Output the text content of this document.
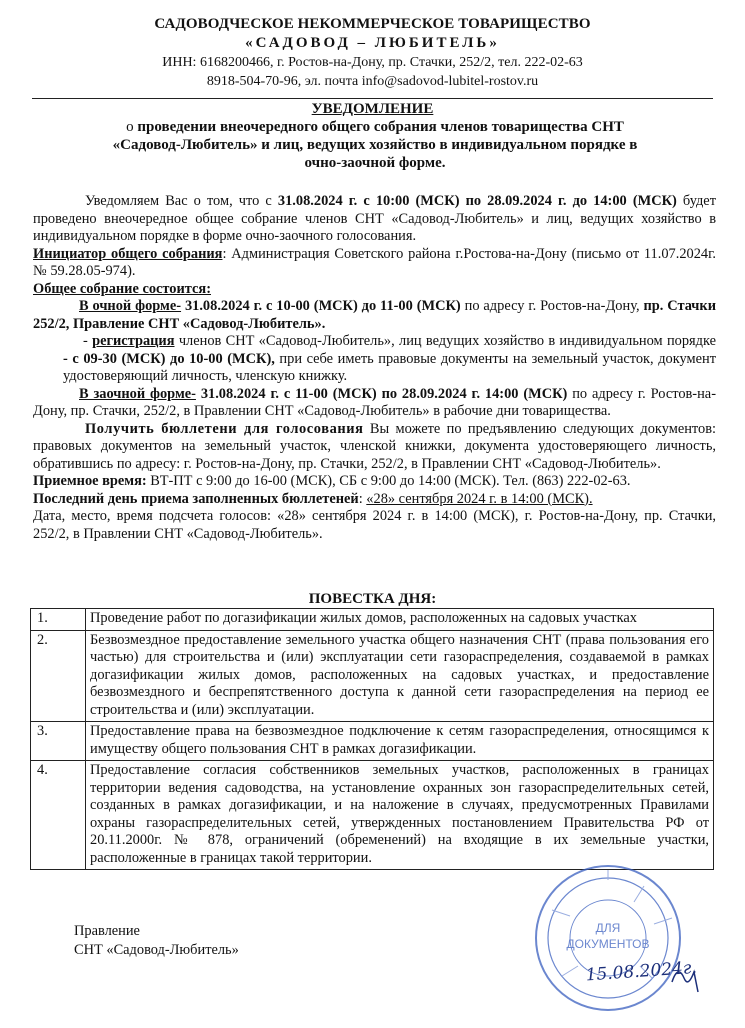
САДОВОДЧЕСКОЕ НЕКОММЕРЧЕСКОЕ ТОВАРИЩЕСТВО
«САДОВОД – ЛЮБИТЕЛЬ»
ИНН: 6168200466, г. Ростов-на-Дону, пр. Стачки, 252/2, тел. 222-02-63
8918-504-70-96, эл. почта info@sadovod-lubitel-rostov.ru
УВЕДОМЛЕНИЕ
о проведении внеочередного общего собрания членов товарищества СНТ «Садовод-Любитель» и лиц, ведущих хозяйство в индивидуальном порядке в очно-заочной форме.
Уведомляем Вас о том, что с 31.08.2024 г. с 10:00 (МСК) по 28.09.2024 г. до 14:00 (МСК) будет проведено внеочередное общее собрание членов СНТ «Садовод-Любитель» и лиц, ведущих хозяйство в индивидуальном порядке в форме очно-заочного голосования.
Инициатор общего собрания: Администрация Советского района г.Ростова-на-Дону (письмо от 11.07.2024г. № 59.28.05-974).
Общее собрание состоится:
В очной форме- 31.08.2024 г. с 10-00 (МСК) до 11-00 (МСК) по адресу г. Ростов-на-Дону, пр. Стачки 252/2, Правление СНТ «Садовод-Любитель».
- регистрация членов СНТ «Садовод-Любитель», лиц ведущих хозяйство в индивидуальном порядке - с 09-30 (МСК) до 10-00 (МСК), при себе иметь правовые документы на земельный участок, документ удостоверяющий личность, членскую книжку.
В заочной форме- 31.08.2024 г. с 11-00 (МСК) по 28.09.2024 г. 14:00 (МСК) по адресу г. Ростов-на-Дону, пр. Стачки, 252/2, в Правлении СНТ «Садовод-Любитель» в рабочие дни товарищества.
Получить бюллетени для голосования Вы можете по предъявлению следующих документов: правовых документов на земельный участок, членской книжки, документа удостоверяющего личность, обратившись по адресу: г. Ростов-на-Дону, пр. Стачки, 252/2, в Правлении СНТ «Садовод-Любитель».
Приемное время: ВТ-ПТ с 9:00 до 16-00 (МСК), СБ с 9:00 до 14:00 (МСК). Тел. (863) 222-02-63.
Последний день приема заполненных бюллетеней: «28» сентября 2024 г. в 14:00 (МСК).
Дата, место, время подсчета голосов: «28» сентября 2024 г. в 14:00 (МСК), г. Ростов-на-Дону, пр. Стачки, 252/2, в Правлении СНТ «Садовод-Любитель».
ПОВЕСТКА ДНЯ:
1.	Проведение работ по догазификации жилых домов, расположенных на садовых участках
2.	Безвозмездное предоставление земельного участка общего назначения СНТ (права пользования его частью) для строительства и (или) эксплуатации сети газораспределения, создаваемой в рамках догазификации жилых домов, расположенных на садовых участках, и предоставление безвозмездного и беспрепятственного доступа к данной сети газораспределения на период ее строительства и (или) эксплуатации.
3.	Предоставление права на безвозмездное подключение к сетям газораспределения, относящимся к имуществу общего пользования СНТ в рамках догазификации.
4.	Предоставление согласия собственников земельных участков, расположенных в границах территории ведения садоводства, на установление охранных зон газораспределительных сетей, созданных в рамках догазификации, и на наложение в случаях, предусмотренных Правилами охраны газораспределительных сетей, утвержденных постановлением Правительства РФ от 20.11.2000г. № 878, ограничений (обременений) на входящие в их земельные участки, расположенные в границах такой территории.
Правление
СНТ «Садовод-Любитель»
ДЛЯ
ДОКУМЕНТОВ
15.08.2024г.
